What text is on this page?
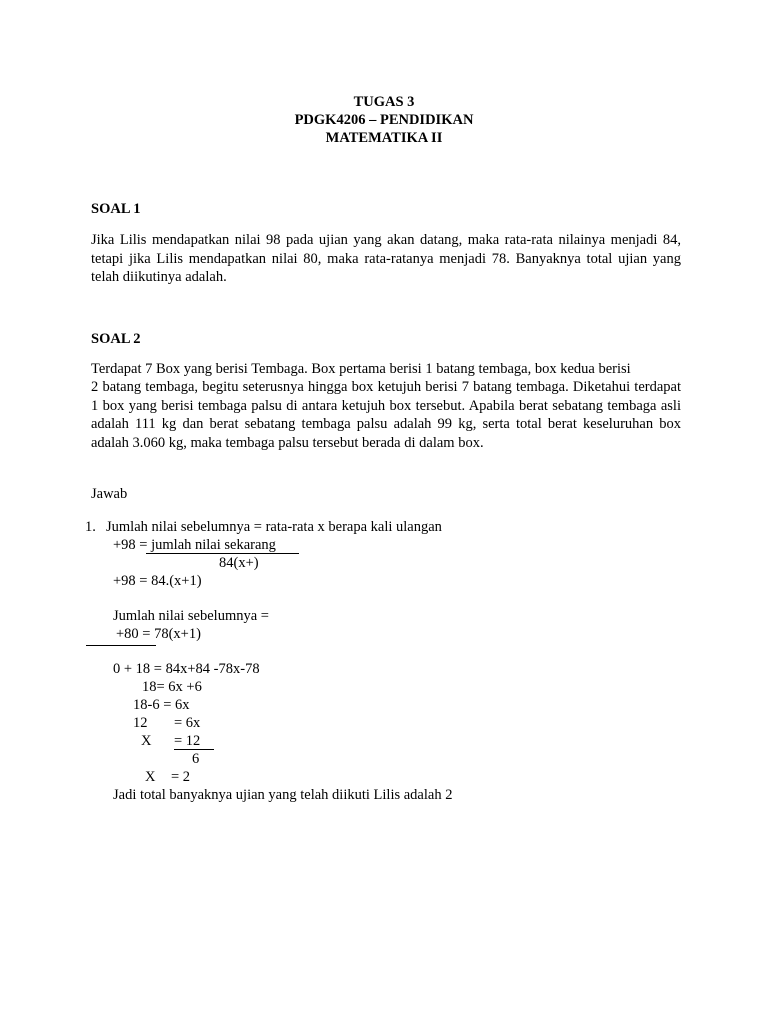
TUGAS 3
PDGK4206 – PENDIDIKAN
MATEMATIKA II
SOAL 1
Jika Lilis mendapatkan nilai 98 pada ujian yang akan datang, maka rata-rata nilainya menjadi 84, tetapi jika Lilis mendapatkan nilai 80, maka rata-ratanya menjadi 78. Banyaknya total ujian yang telah diikutinya adalah.
SOAL 2
Terdapat 7 Box yang berisi Tembaga. Box pertama berisi 1 batang tembaga, box kedua berisi
2 batang tembaga, begitu seterusnya hingga box ketujuh berisi 7 batang tembaga. Diketahui terdapat 1 box yang berisi tembaga palsu di antara ketujuh box tersebut. Apabila berat sebatang tembaga asli adalah 111 kg dan berat sebatang tembaga palsu adalah 99 kg, serta total berat keseluruhan box adalah 3.060 kg, maka tembaga palsu tersebut berada di dalam box.
Jawab
1. Jumlah nilai sebelumnya = rata-rata x berapa kali ulangan
+98 = jumlah nilai sekarang
84(x+)
+98 = 84.(x+1)
Jumlah nilai sebelumnya =
+80 = 78(x+1)
0 + 18 = 84x+84 -78x-78
18= 6x +6
18-6 = 6x
12 = 6x
X = 12
6
X = 2
Jadi total banyaknya ujian yang telah diikuti Lilis adalah 2
